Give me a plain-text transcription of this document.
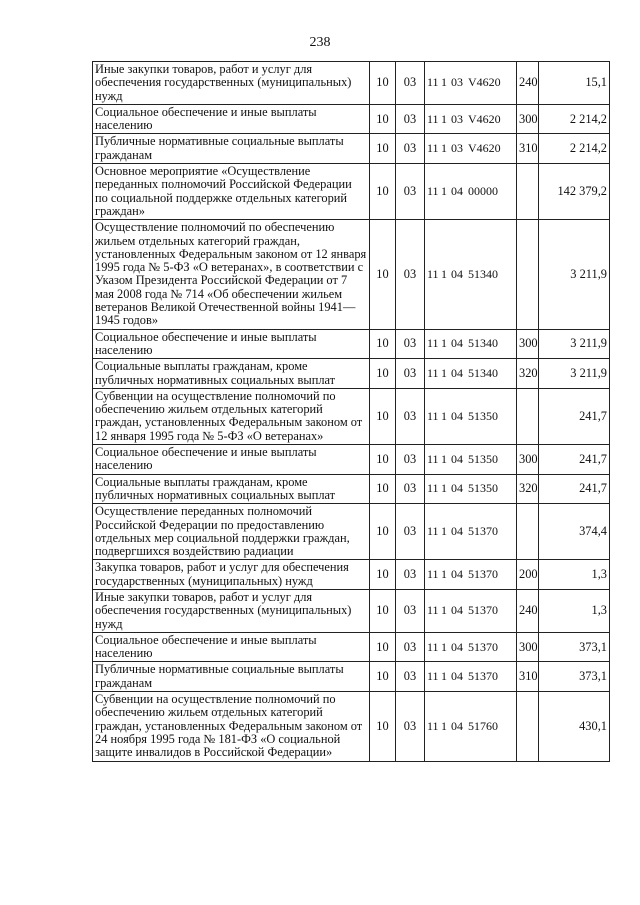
238
Иные закупки товаров, работ и услуг для обеспечения государственных (муниципальных) нужд	10	03	11 1 03 V4620	240	15,1
Социальное обеспечение и иные выплаты населению	10	03	11 1 03 V4620	300	2 214,2
Публичные нормативные социальные выплаты гражданам	10	03	11 1 03 V4620	310	2 214,2
Основное мероприятие «Осуществление переданных полномочий Российской Федерации по социальной поддержке отдельных категорий граждан»	10	03	11 1 04 00000		142 379,2
Осуществление полномочий по обеспечению жильем отдельных категорий граждан, установленных Федеральным законом от 12 января 1995 года № 5-ФЗ «О ветеранах», в соответствии с Указом Президента Российской Федерации от 7 мая 2008 года № 714 «Об обеспечении жильем ветеранов Великой Отечественной войны 1941—1945 годов»	10	03	11 1 04 51340		3 211,9
Социальное обеспечение и иные выплаты населению	10	03	11 1 04 51340	300	3 211,9
Социальные выплаты гражданам, кроме публичных нормативных социальных выплат	10	03	11 1 04 51340	320	3 211,9
Субвенции на осуществление полномочий по обеспечению жильем отдельных категорий граждан, установленных Федеральным законом от 12 января 1995 года № 5-ФЗ «О ветеранах»	10	03	11 1 04 51350		241,7
Социальное обеспечение и иные выплаты населению	10	03	11 1 04 51350	300	241,7
Социальные выплаты гражданам, кроме публичных нормативных социальных выплат	10	03	11 1 04 51350	320	241,7
Осуществление переданных полномочий Российской Федерации по предоставлению отдельных мер социальной поддержки граждан, подвергшихся воздействию радиации	10	03	11 1 04 51370		374,4
Закупка товаров, работ и услуг для обеспечения государственных (муниципальных) нужд	10	03	11 1 04 51370	200	1,3
Иные закупки товаров, работ и услуг для обеспечения государственных (муниципальных) нужд	10	03	11 1 04 51370	240	1,3
Социальное обеспечение и иные выплаты населению	10	03	11 1 04 51370	300	373,1
Публичные нормативные социальные выплаты гражданам	10	03	11 1 04 51370	310	373,1
Субвенции на осуществление полномочий по обеспечению жильем отдельных категорий граждан, установленных Федеральным законом от 24 ноября 1995 года № 181-ФЗ «О социальной защите инвалидов в Российской Федерации»	10	03	11 1 04 51760		430,1
